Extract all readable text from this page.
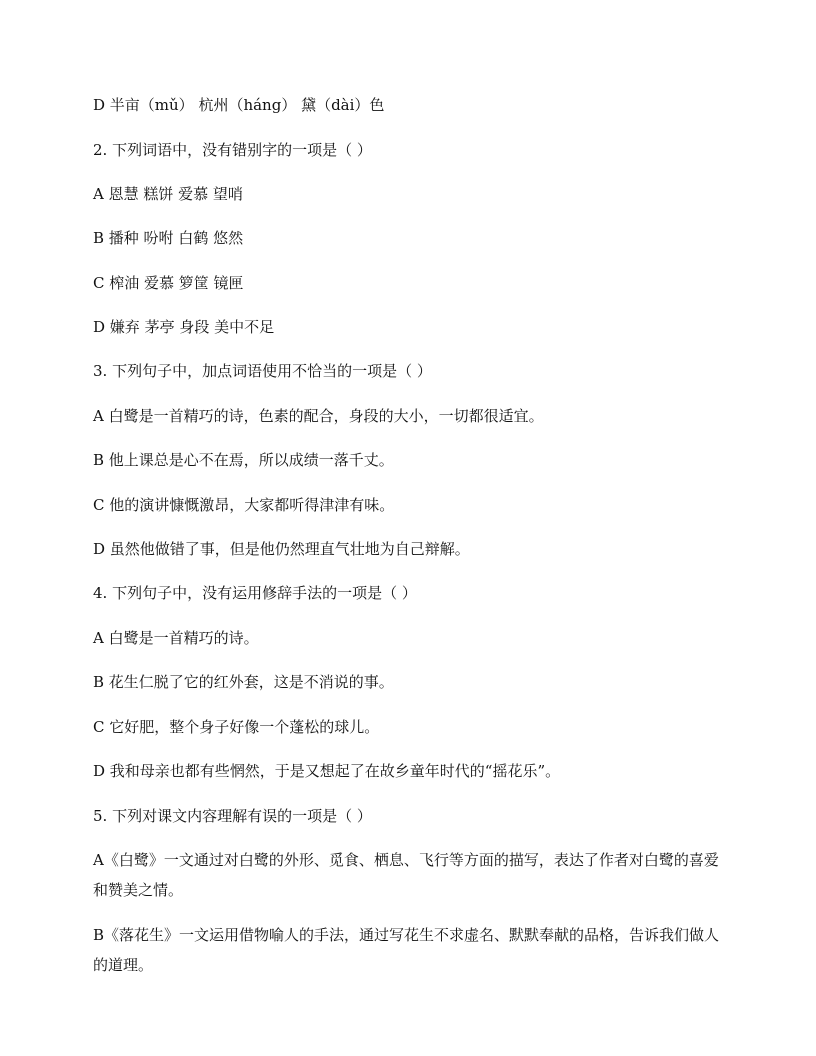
D 半亩（mǔ） 杭州（háng） 黛（dài）色
2. 下列词语中，没有错别字的一项是（ ）
A 恩慧 糕饼 爱慕 望哨
B 播种 吩咐 白鹤 悠然
C 榨油 爱慕 箩筐 镜匣
D 嫌弃 茅亭 身段 美中不足
3. 下列句子中，加点词语使用不恰当的一项是（ ）
A 白鹭是一首精巧的诗，色素的配合，身段的大小，一切都很适宜。
B 他上课总是心不在焉，所以成绩一落千丈。
C 他的演讲慷慨激昂，大家都听得津津有味。
D 虽然他做错了事，但是他仍然理直气壮地为自己辩解。
4. 下列句子中，没有运用修辞手法的一项是（ ）
A 白鹭是一首精巧的诗。
B 花生仁脱了它的红外套，这是不消说的事。
C 它好肥，整个身子好像一个蓬松的球儿。
D 我和母亲也都有些惘然，于是又想起了在故乡童年时代的“摇花乐”。
5. 下列对课文内容理解有误的一项是（ ）
A《白鹭》一文通过对白鹭的外形、觅食、栖息、飞行等方面的描写，表达了作者对白鹭的喜爱和赞美之情。
B《落花生》一文运用借物喻人的手法，通过写花生不求虚名、默默奉献的品格，告诉我们做人的道理。
